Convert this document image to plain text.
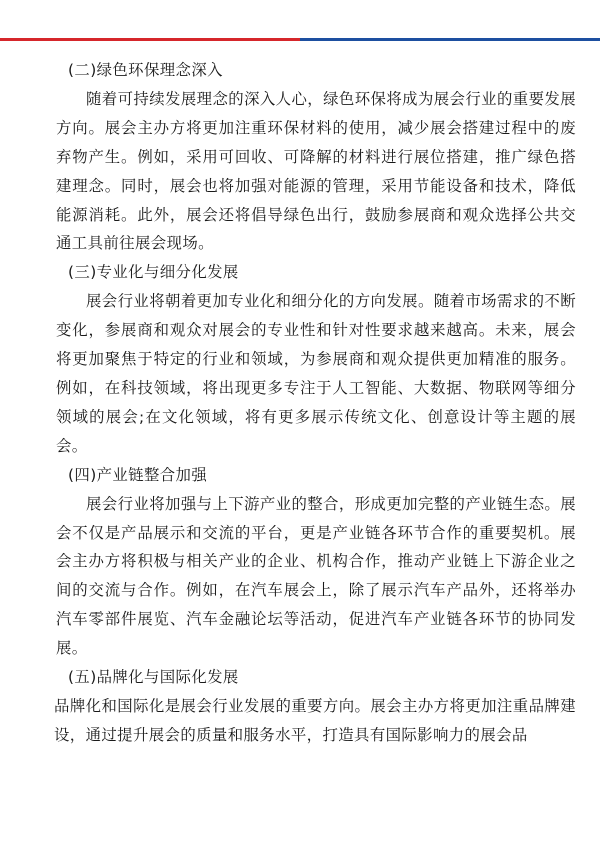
(二)绿色环保理念深入

随着可持续发展理念的深入人心，绿色环保将成为展会行业的重要发展方向。展会主办方将更加注重环保材料的使用，减少展会搭建过程中的废弃物产生。例如，采用可回收、可降解的材料进行展位搭建，推广绿色搭建理念。同时，展会也将加强对能源的管理，采用节能设备和技术，降低能源消耗。此外，展会还将倡导绿色出行，鼓励参展商和观众选择公共交通工具前往展会现场。

(三)专业化与细分化发展

展会行业将朝着更加专业化和细分化的方向发展。随着市场需求的不断变化，参展商和观众对展会的专业性和针对性要求越来越高。未来，展会将更加聚焦于特定的行业和领域，为参展商和观众提供更加精准的服务。例如，在科技领域，将出现更多专注于人工智能、大数据、物联网等细分领域的展会;在文化领域，将有更多展示传统文化、创意设计等主题的展会。

(四)产业链整合加强

展会行业将加强与上下游产业的整合，形成更加完整的产业链生态。展会不仅是产品展示和交流的平台，更是产业链各环节合作的重要契机。展会主办方将积极与相关产业的企业、机构合作，推动产业链上下游企业之间的交流与合作。例如，在汽车展会上，除了展示汽车产品外，还将举办汽车零部件展览、汽车金融论坛等活动，促进汽车产业链各环节的协同发展。

(五)品牌化与国际化发展

品牌化和国际化是展会行业发展的重要方向。展会主办方将更加注重品牌建设，通过提升展会的质量和服务水平，打造具有国际影响力的展会品
